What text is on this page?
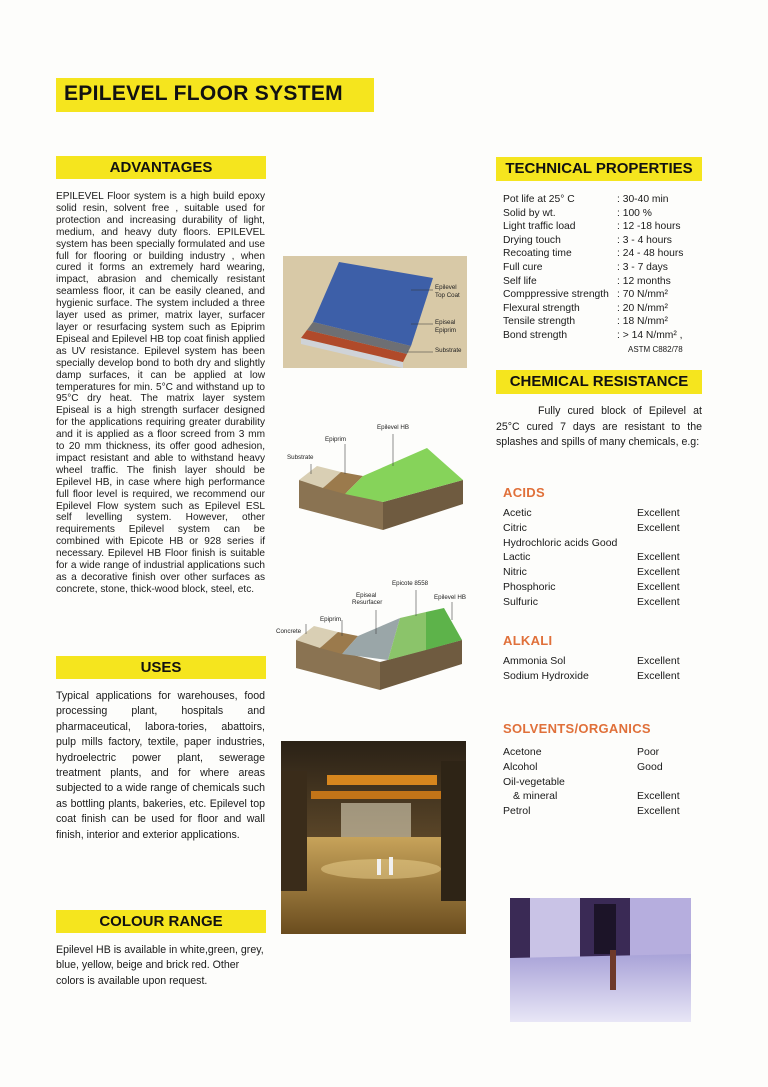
EPILEVEL FLOOR SYSTEM
ADVANTAGES

EPILEVEL Floor system is a high build epoxy solid resin, solvent free , suitable used for protection and increasing durability of light, medium, and heavy duty floors. EPILEVEL system has been specially formulated and use full for flooring or building industry , when cured it forms an extremely hard wearing, impact, abrasion and chemically resistant seamless floor, it can be easily cleaned, and hygienic surface. The system included a three layer used as primer, matrix layer, surfacer layer or resurfacing system such as Epiprim Episeal and Epilevel HB top coat finish applied as UV resistance. Epilevel system has been specially develop bond to both dry and slightly damp surfaces, it can be applied at low temperatures for min. 5°C and withstand up to 95°C dry heat. The matrix layer system Episeal is a high strength surfacer designed for the applications requiring greater durability and it is applied as a floor screed from 3 mm to 20 mm thickness, its offer good adhesion, impact resistant and able to withstand heavy wheel traffic. The finish layer should be Epilevel HB, in case where high performance full floor level is required, we recommend our Epilevel Flow system such as Epilevel ESL self levelling system. However, other requirements Epilevel system can be combined with Epicote HB or 928 series if necessary. Epilevel HB Floor finish is suitable for a wide range of industrial applications such as a decorative finish over other surfaces as concrete, stone, thick-wood block, steel, etc.

USES

Typical applications for warehouses, food processing plant, hospitals and pharmaceutical, labora-tories, abattoirs, pulp mills factory, textile, paper industries, hydroelectric power plant, sewerage treatment plants, and for where areas subjected to a wide range of chemicals such as bottling plants, bakeries, etc. Epilevel top coat finish can be used for floor and wall finish, interior and exterior applications.

COLOUR RANGE

Epilevel HB is available in white,green, grey, blue, yellow, beige and brick red. Other colors is available upon request.

Epilevel
Top Coat
Episeal
Epiprim
Substrate
Substrate
Epiprim
Epilevel HB
Concrete
Epiprim
Episeal
Resurfacer
Epicote 8558
Epilevel HB
TECHNICAL PROPERTIES
Pot life at 25° C	: 30-40 min
Solid by wt.	: 100 %
Light traffic load	: 12 -18 hours
Drying touch	: 3 - 4 hours
Recoating time	: 24 - 48 hours
Full cure	: 3 - 7 days
Self life	: 12 months
Comppressive strength : 70 N/mm²
Flexural strength	: 20 N/mm²
Tensile strength	: 18 N/mm²
Bond strength	: > 14 N/mm² ,
ASTM C882/78
CHEMICAL RESISTANCE

Fully cured block of Epilevel at 25°C cured 7 days are resistant to the splashes and spills of many chemicals, e.g:

ACIDS
Acetic	Excellent
Citric	Excellent
Hydrochloric acids Good
Lactic	Excellent
Nitric	Excellent
Phosphoric	Excellent
Sulfuric	Excellent
ALKALI
Ammonia Sol	Excellent
Sodium Hydroxide	Excellent
SOLVENTS/ORGANICS
Acetone	Poor
Alcohol	Good
Oil-vegetable
& mineral	Excellent
Petrol	Excellent
